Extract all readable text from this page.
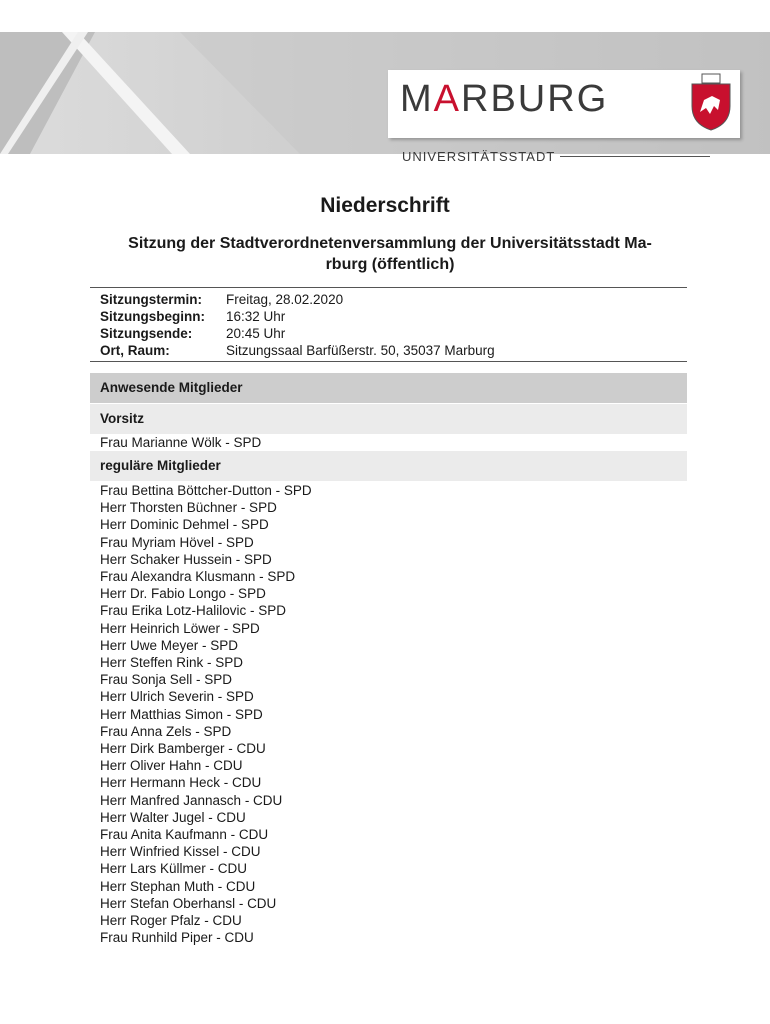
MARBURG
UNIVERSITÄTSSTADT
Niederschrift
Sitzung der Stadtverordnetenversammlung der Universitätsstadt Ma-
rburg (öffentlich)
Sitzungstermin:	Freitag, 28.02.2020
Sitzungsbeginn:	16:32 Uhr
Sitzungsende:	20:45 Uhr
Ort, Raum:	Sitzungssaal Barfüßerstr. 50, 35037 Marburg
Anwesende Mitglieder
Vorsitz
Frau Marianne Wölk - SPD
reguläre Mitglieder
Frau Bettina Böttcher-Dutton - SPD
Herr Thorsten Büchner - SPD
Herr Dominic Dehmel - SPD
Frau Myriam Hövel - SPD
Herr Schaker Hussein - SPD
Frau Alexandra Klusmann - SPD
Herr Dr. Fabio Longo - SPD
Frau Erika Lotz-Halilovic - SPD
Herr Heinrich Löwer - SPD
Herr Uwe Meyer - SPD
Herr Steffen Rink - SPD
Frau Sonja Sell - SPD
Herr Ulrich Severin - SPD
Herr Matthias Simon - SPD
Frau Anna Zels - SPD
Herr Dirk Bamberger - CDU
Herr Oliver Hahn - CDU
Herr Hermann Heck - CDU
Herr Manfred Jannasch - CDU
Herr Walter Jugel - CDU
Frau Anita Kaufmann - CDU
Herr Winfried Kissel - CDU
Herr Lars Küllmer - CDU
Herr Stephan Muth - CDU
Herr Stefan Oberhansl - CDU
Herr Roger Pfalz - CDU
Frau Runhild Piper - CDU
